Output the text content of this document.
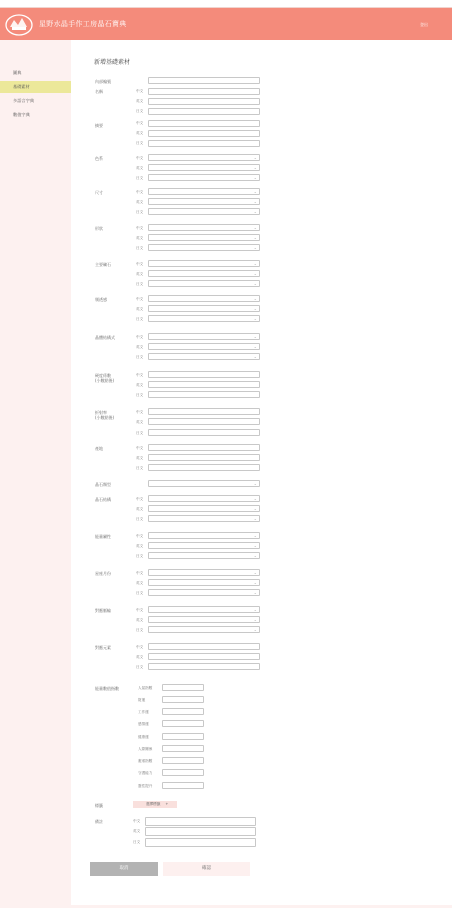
星野水晶手作工房晶石寶典	登出
圖典
基礎素材
多語言字典
數值字典
新增基礎素材
內部編號
名稱	中文
英文
日文
摘要	中文
英文
日文
色系	中文	⌄
英文	⌄
日文	⌄
尺寸	中文	⌄
英文	⌄
日文	⌄
形狀	中文	⌄
英文	⌄
日文	⌄
主要礦石	中文	⌄
英文	⌄
日文	⌄
剔透感	中文	⌄
英文	⌄
日文	⌄
晶體結構式	中文	⌄
英文	⌄
日文	⌄
硬度係數
(小數點後)
中文
英文
日文
折射率
(小數點後)
中文
英文
日文
產地	中文
英文
日文
晶石類型	⌄
晶石結構	中文	⌄
英文	⌄
日文	⌄
能量屬性	中文	⌄
英文	⌄
日文	⌄
星座月份	中文	⌄
英文	⌄
日文	⌄
對應脈輪	中文	⌄
英文	⌄
日文	⌄
對應元素	中文
英文
日文
能量數值指數	人氣指數
財運
工作運
感情運
健康運
人際關係
避邪指數
守護能力
靈性提升
標籤	選擇標籤 +
備註	中文
英文
日文
取消	確認
